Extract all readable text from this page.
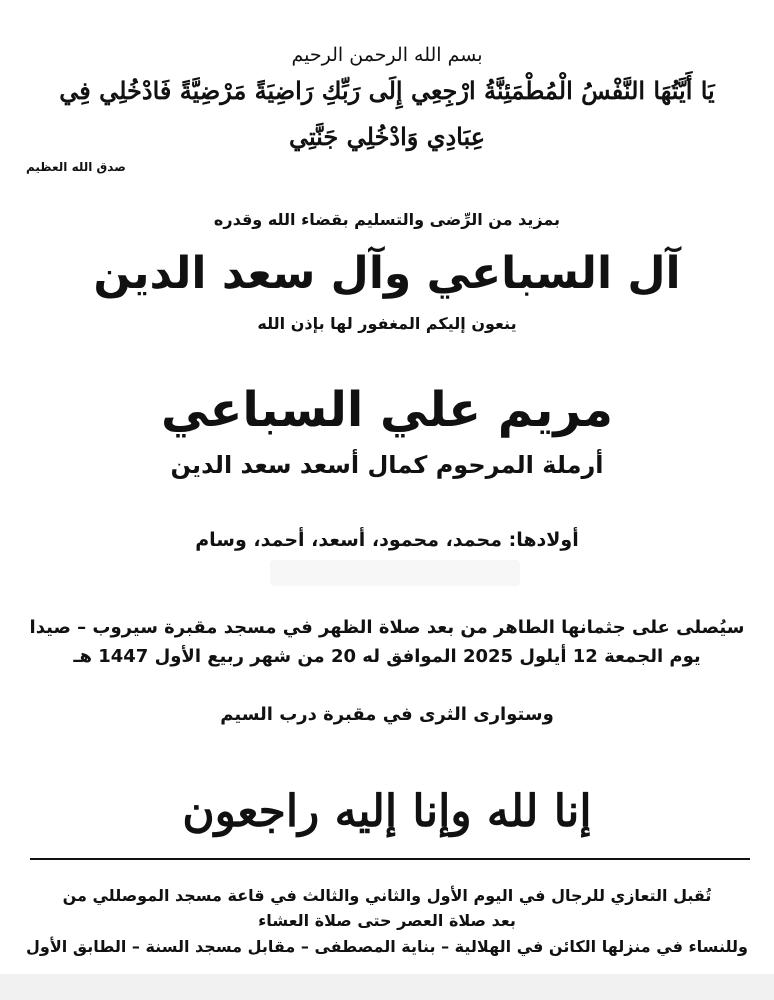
بسم الله الرحمن الرحيم
يَا أَيَّتُهَا النَّفْسُ الْمُطْمَئِنَّةُ ارْجِعِي إِلَى رَبِّكِ رَاضِيَةً مَرْضِيَّةً فَادْخُلِي فِي
عِبَادِي وَادْخُلِي جَنَّتِي
صدق الله العظيم
بمزيد من الرِّضى والتسليم بقضاء الله وقدره
آل السباعي وآل سعد الدين
ينعون إليكم المغفور لها بإذن الله
مريم علي السباعي
أرملة المرحوم كمال أسعد سعد الدين
أولادها: محمد، محمود، أسعد، أحمد، وسام
سيُصلى على جثمانها الطاهر من بعد صلاة الظهر في مسجد مقبرة سيروب – صيدا
يوم الجمعة 12 أيلول 2025 الموافق له 20 من شهر ربيع الأول 1447 هـ
وستوارى الثرى في مقبرة درب السيم
إنا لله وإنا إليه راجعون
تُقبل التعازي للرجال في اليوم الأول والثاني والثالث في قاعة مسجد الموصللي من
بعد صلاة العصر حتى صلاة العشاء
وللنساء في منزلها الكائن في الهلالية – بناية المصطفى – مقابل مسجد السنة – الطابق الأول
